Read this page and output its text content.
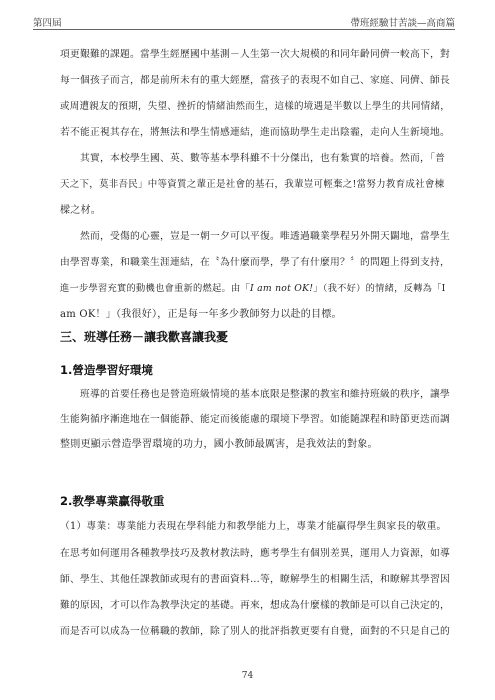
第四屆	帶班經驗甘苦談—高商篇
項更艱難的課題。當學生經歷國中基測－人生第一次大規模的和同年齡同儕一較高下，對
每一個孩子而言，都是前所未有的重大經歷，當孩子的表現不如自己、家庭、同儕、師長
或周遭親友的預期，失望、挫折的情緒油然而生，這樣的境遇是半數以上學生的共同情緒，
若不能正視其存在，將無法和學生情感連結，進而協助學生走出陰霾，走向人生新境地。
其實，本校學生國、英、數等基本學科雖不十分傑出，也有紮實的培養。然而，「普
天之下，莫非吾民」中等資質之輩正是社會的基石，我輩豈可輕棄之!當努力教育成社會棟
樑之材。
然而，受傷的心靈，豈是一朝一夕可以平復。唯透過職業學程另外開天闢地，當學生
由學習專業，和職業生涯連結，在〝為什麼而學，學了有什麼用？〞的問題上得到支持，
進一步學習充實的動機也會重新的燃起。由「I am not OK!」（我不好）的情緒，反轉為「I
am OK！」（我很好），正是每一年多少教師努力以赴的目標。
三、班導任務－讓我歡喜讓我憂
1.營造學習好環境
班導的首要任務也是營造班級情境的基本底限是整潔的教室和維持班級的秩序，讓學
生能夠循序漸進地在一個能靜、能定而後能慮的環境下學習。如能隨課程和時節更迭而調
整則更顯示營造學習環境的功力，國小教師最厲害，是我效法的對象。
2.教學專業贏得敬重
（1）專業：專業能力表現在學科能力和教學能力上，專業才能贏得學生與家長的敬重。
在思考如何運用各種教學技巧及教材教法時，應考學生有個別差異，運用人力資源，如導
師、學生、其他任課教師或現有的書面資料…等，瞭解學生的相關生活，和瞭解其學習因
難的原因，才可以作為教學決定的基礎。再來，想成為什麼樣的教師是可以自己決定的，
而是否可以成為一位稱職的教師，除了別人的批評指教更要有自覺，面對的不只是自己的
74
